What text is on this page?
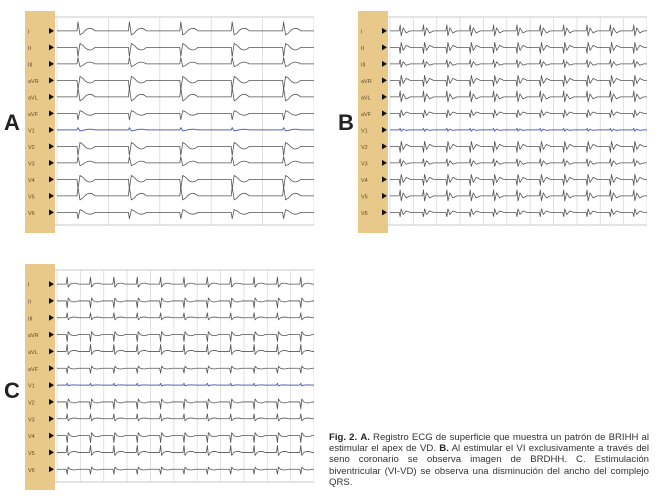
A
I
II
III
aVR
aVL
aVF
V1
V2
V3
V4
V5
V6
B
I
II
III
aVR
aVL
aVF
V1
V2
V3
V4
V5
V6
C
I
II
III
aVR
aVL
aVF
V1
V2
V3
V4
V5
V6
Fig. 2. A. Registro ECG de superficie que muestra un patrón de BRIHH al estimular el apex de VD. B. Al estimular el VI exclusivamente a través del seno coronario se observa imagen de BRDHH. C. Estimulación biventricular (VI-VD) se observa una disminución del ancho del complejo QRS.
